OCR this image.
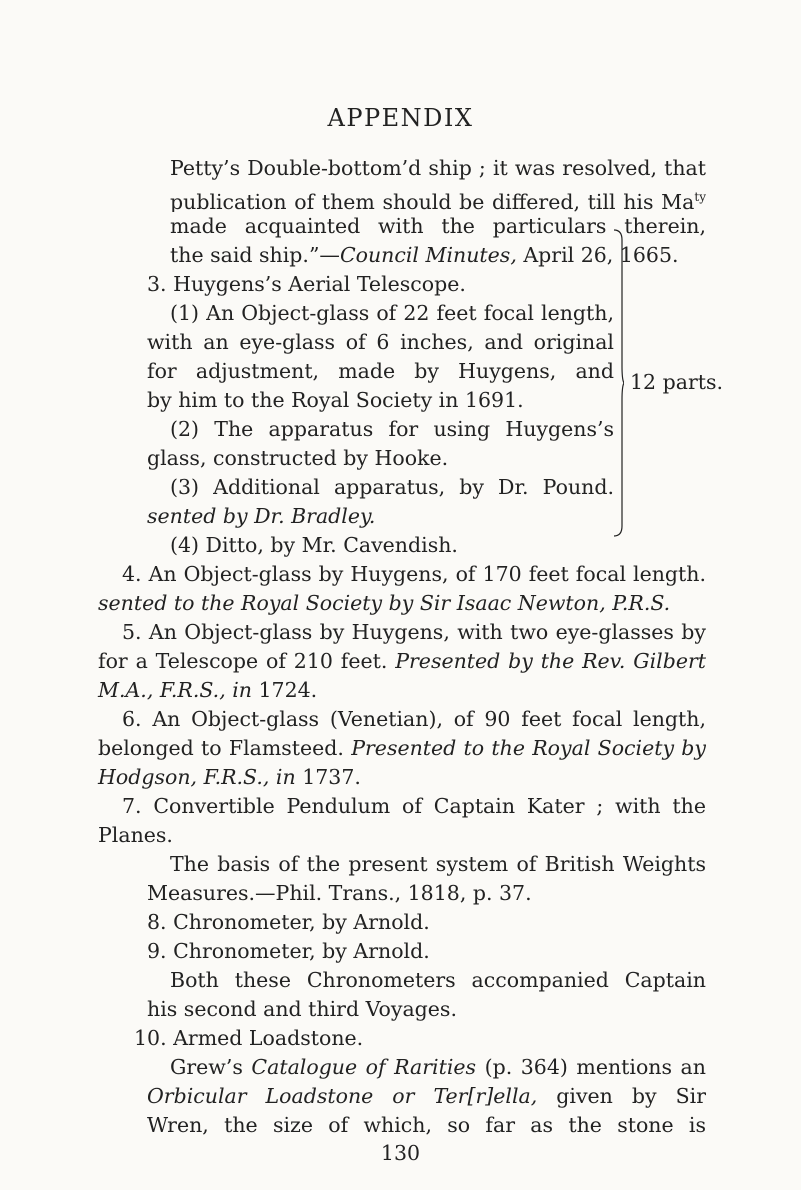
APPENDIX
Petty’s Double-bottom’d ship ; it was resolved, that
publication of them should be differed, till his $Ma^{ty}$
made acquainted with the particulars therein,
the said ship.”—Council Minutes, April 26, 1665.
3. Huygens’s Aerial Telescope.
(1) An Object-glass of 22 feet focal length,
with an eye-glass of 6 inches, and original
for adjustment, made by Huygens, and
by him to the Royal Society in 1691.
(2) The apparatus for using Huygens’s
glass, constructed by Hooke.
(3) Additional apparatus, by Dr. Pound.
sented by Dr. Bradley.
(4) Ditto, by Mr. Cavendish.
12 parts.
4. An Object-glass by Huygens, of 170 feet focal length.
sented to the Royal Society by Sir Isaac Newton, P.R.S.
5. An Object-glass by Huygens, with two eye-glasses by
for a Telescope of 210 feet. Presented by the Rev. Gilbert
M.A., F.R.S., in 1724.
6. An Object-glass (Venetian), of 90 feet focal length,
belonged to Flamsteed. Presented to the Royal Society by
Hodgson, F.R.S., in 1737.
7. Convertible Pendulum of Captain Kater ; with the
Planes.
The basis of the present system of British Weights
Measures.—Phil. Trans., 1818, p. 37.
8. Chronometer, by Arnold.
9. Chronometer, by Arnold.
Both these Chronometers accompanied Captain
his second and third Voyages.
10. Armed Loadstone.
Grew’s Catalogue of Rarities (p. 364) mentions an
Orbicular Loadstone or Ter[r]ella, given by Sir
Wren, the size of which, so far as the stone is
130
